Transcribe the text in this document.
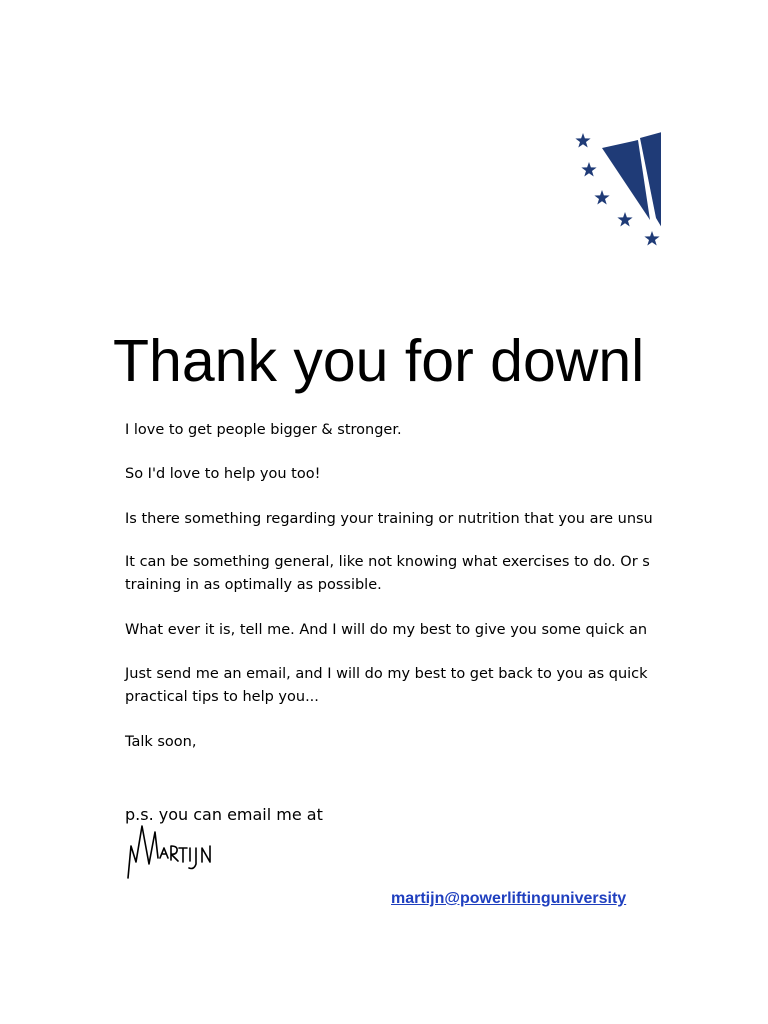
Thank you for downl

I love to get people bigger & stronger.

So I'd love to help you too!

Is there something regarding your training or nutrition that you are unsu

It can be something general, like not knowing what exercises to do. Or s
training in as optimally as possible.

What ever it is, tell me. And I will do my best to give you some quick an

Just send me an email, and I will do my best to get back to you as quick
practical tips to help you...

Talk soon,

p.s. you can email me at

martijn@powerliftinguniversity
